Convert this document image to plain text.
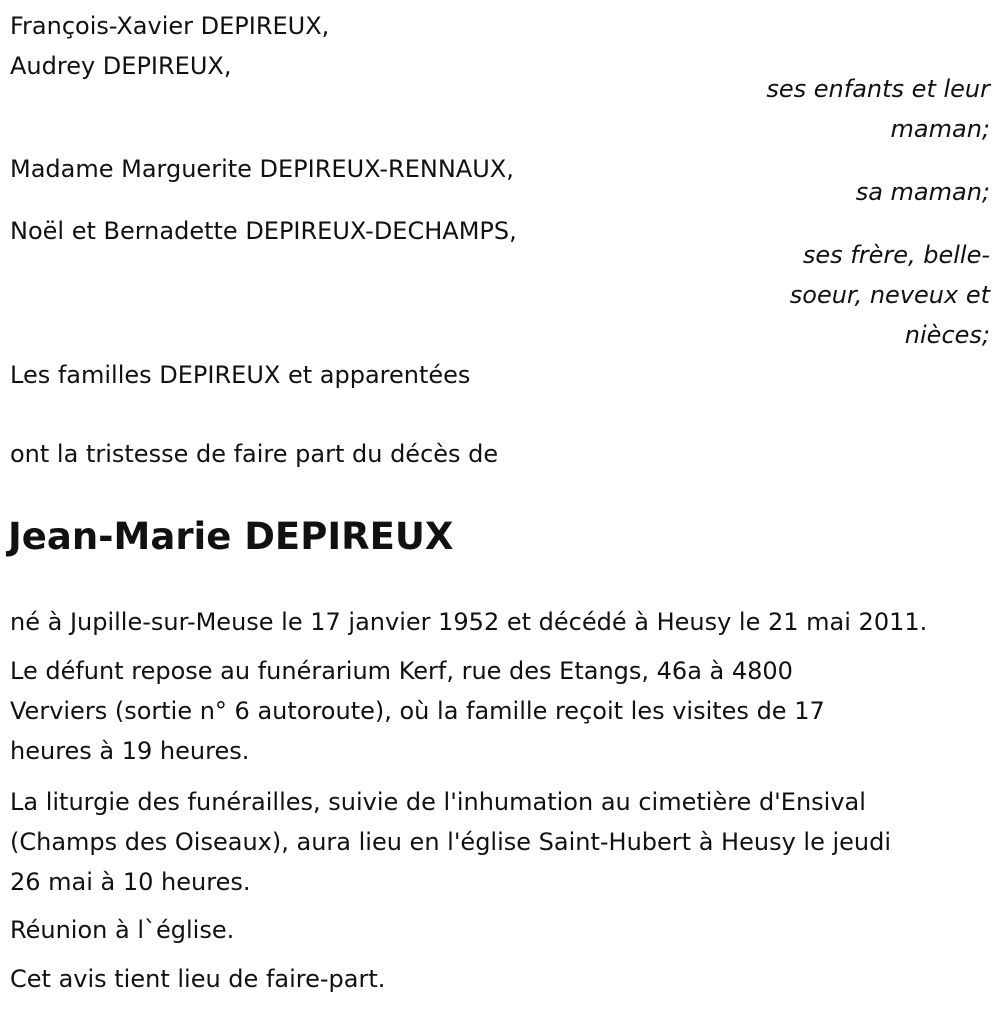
François-Xavier DEPIREUX,
Audrey DEPIREUX,
ses enfants et leur
maman;
Madame Marguerite DEPIREUX-RENNAUX,
sa maman;
Noël et Bernadette DEPIREUX-DECHAMPS,
ses frère, belle-
soeur, neveux et
nièces;
Les familles DEPIREUX et apparentées
ont la tristesse de faire part du décès de
Jean-Marie DEPIREUX
né à Jupille-sur-Meuse le 17 janvier 1952 et décédé à Heusy le 21 mai 2011.
Le défunt repose au funérarium Kerf, rue des Etangs, 46a à 4800
Verviers (sortie n° 6 autoroute), où la famille reçoit les visites de 17
heures à 19 heures.
La liturgie des funérailles, suivie de l'inhumation au cimetière d'Ensival
(Champs des Oiseaux), aura lieu en l'église Saint-Hubert à Heusy le jeudi
26 mai à 10 heures.
Réunion à l`église.
Cet avis tient lieu de faire-part.
